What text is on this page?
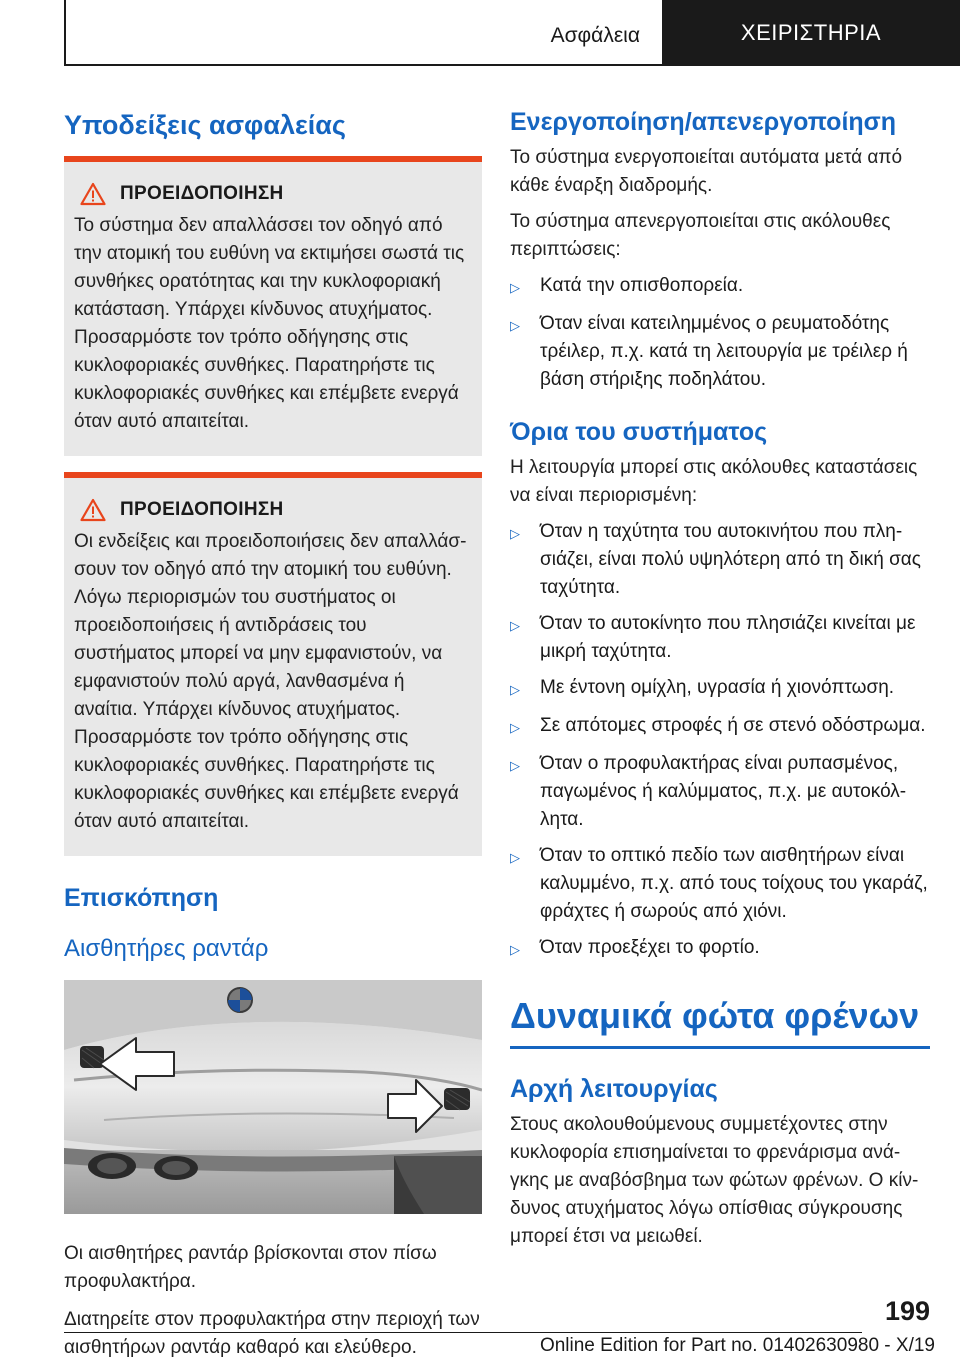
Ασφάλεια	ΧΕΙΡΙΣΤΗΡΙΑ
Υποδείξεις ασφαλείας
ΠΡΟΕΙΔΟΠΟΙΗΣΗ
Το σύστημα δεν απαλλάσσει τον οδηγό από την ατομική του ευθύνη να εκτιμήσει σωστά τις συνθήκες ορατότητας και την κυκλοφοριακή κατάσταση. Υπάρχει κίνδυνος ατυχήματος. Προσαρμόστε τον τρόπο οδήγησης στις κυκλοφοριακές συνθήκες. Παρατηρήστε τις κυκλοφοριακές συνθήκες και επέμβετε ενεργά όταν αυτό απαιτείται.
ΠΡΟΕΙΔΟΠΟΙΗΣΗ
Οι ενδείξεις και προειδοποιήσεις δεν απαλλάσσουν τον οδηγό από την ατομική του ευθύνη. Λόγω περιορισμών του συστήματος οι προειδοποιήσεις ή αντιδράσεις του συστήματος μπορεί να μην εμφανιστούν, να εμφανιστούν πολύ αργά, λανθασμένα ή αναίτια. Υπάρχει κίνδυνος ατυχήματος. Προσαρμόστε τον τρόπο οδήγησης στις κυκλοφοριακές συνθήκες. Παρατηρήστε τις κυκλοφοριακές συνθήκες και επέμβετε ενεργά όταν αυτό απαιτείται.
Επισκόπηση
Αισθητήρες ραντάρ
Οι αισθητήρες ραντάρ βρίσκονται στον πίσω προφυλακτήρα.
Διατηρείτε στον προφυλακτήρα στην περιοχή των αισθητήρων ραντάρ καθαρό και ελεύθερο.
Ενεργοποίηση/απενεργοποίηση
Το σύστημα ενεργοποιείται αυτόματα μετά από κάθε έναρξη διαδρομής.
Το σύστημα απενεργοποιείται στις ακόλουθες περιπτώσεις:
▷
Κατά την οπισθοπορεία.
▷
Όταν είναι κατειλημμένος ο ρευματοδότης τρέιλερ, π.χ. κατά τη λειτουργία με τρέιλερ ή βάση στήριξης ποδηλάτου.
Όρια του συστήματος
Η λειτουργία μπορεί στις ακόλουθες καταστάσεις να είναι περιορισμένη:
▷
Όταν η ταχύτητα του αυτοκινήτου που πλησιάζει, είναι πολύ υψηλότερη από τη δική σας ταχύτητα.
▷
Όταν το αυτοκίνητο που πλησιάζει κινείται με μικρή ταχύτητα.
▷
Με έντονη ομίχλη, υγρασία ή χιονόπτωση.
▷
Σε απότομες στροφές ή σε στενό οδόστρωμα.
▷
Όταν ο προφυλακτήρας είναι ρυπασμένος, παγωμένος ή καλύμματος, π.χ. με αυτοκόλλητα.
▷
Όταν το οπτικό πεδίο των αισθητήρων είναι καλυμμένο, π.χ. από τους τοίχους του γκαράζ, φράχτες ή σωρούς από χιόνι.
▷
Όταν προεξέχει το φορτίο.
Δυναμικά φώτα φρένων
Αρχή λειτουργίας
Στους ακολουθούμενους συμμετέχοντες στην κυκλοφορία επισημαίνεται το φρενάρισμα ανάγκης με αναβόσβημα των φώτων φρένων. Ο κίνδυνος ατυχήματος λόγω οπίσθιας σύγκρουσης μπορεί έτσι να μειωθεί.
199
Online Edition for Part no. 01402630980 - X/19
